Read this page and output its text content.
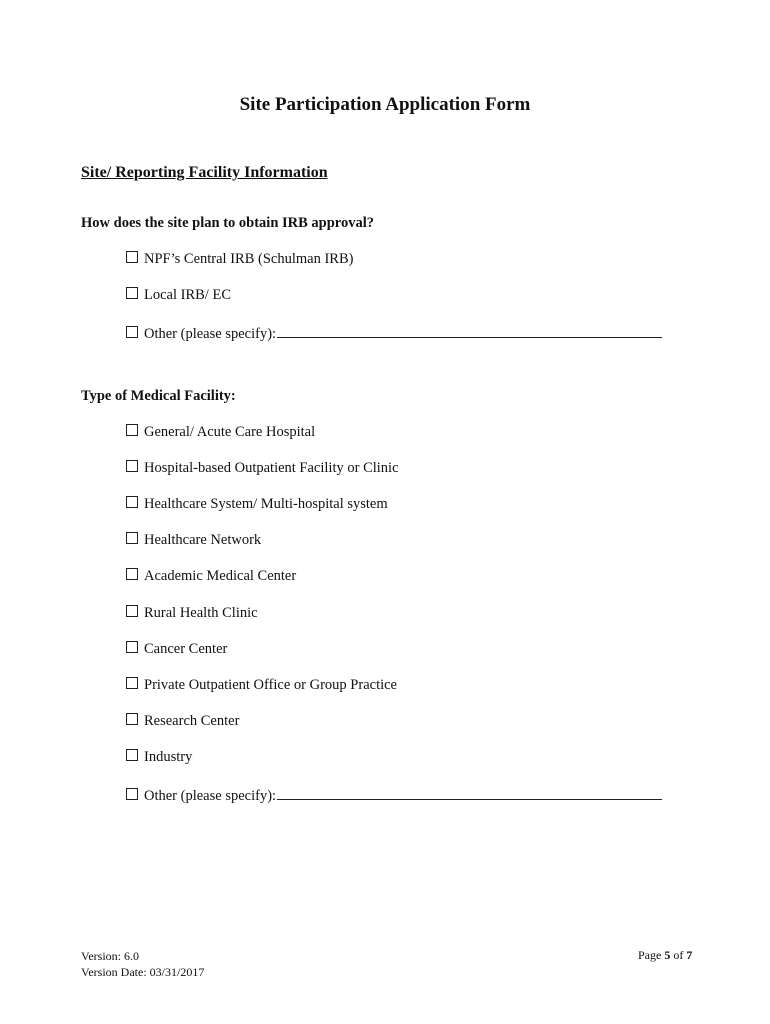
Site Participation Application Form
Site/ Reporting Facility Information
How does the site plan to obtain IRB approval?
NPF’s Central IRB (Schulman IRB)
Local IRB/ EC
Other (please specify):
Type of Medical Facility:
General/ Acute Care Hospital
Hospital-based Outpatient Facility or Clinic
Healthcare System/ Multi-hospital system
Healthcare Network
Academic Medical Center
Rural Health Clinic
Cancer Center
Private Outpatient Office or Group Practice
Research Center
Industry
Other (please specify):
Version: 6.0
Version Date: 03/31/2017
Page 5 of 7
